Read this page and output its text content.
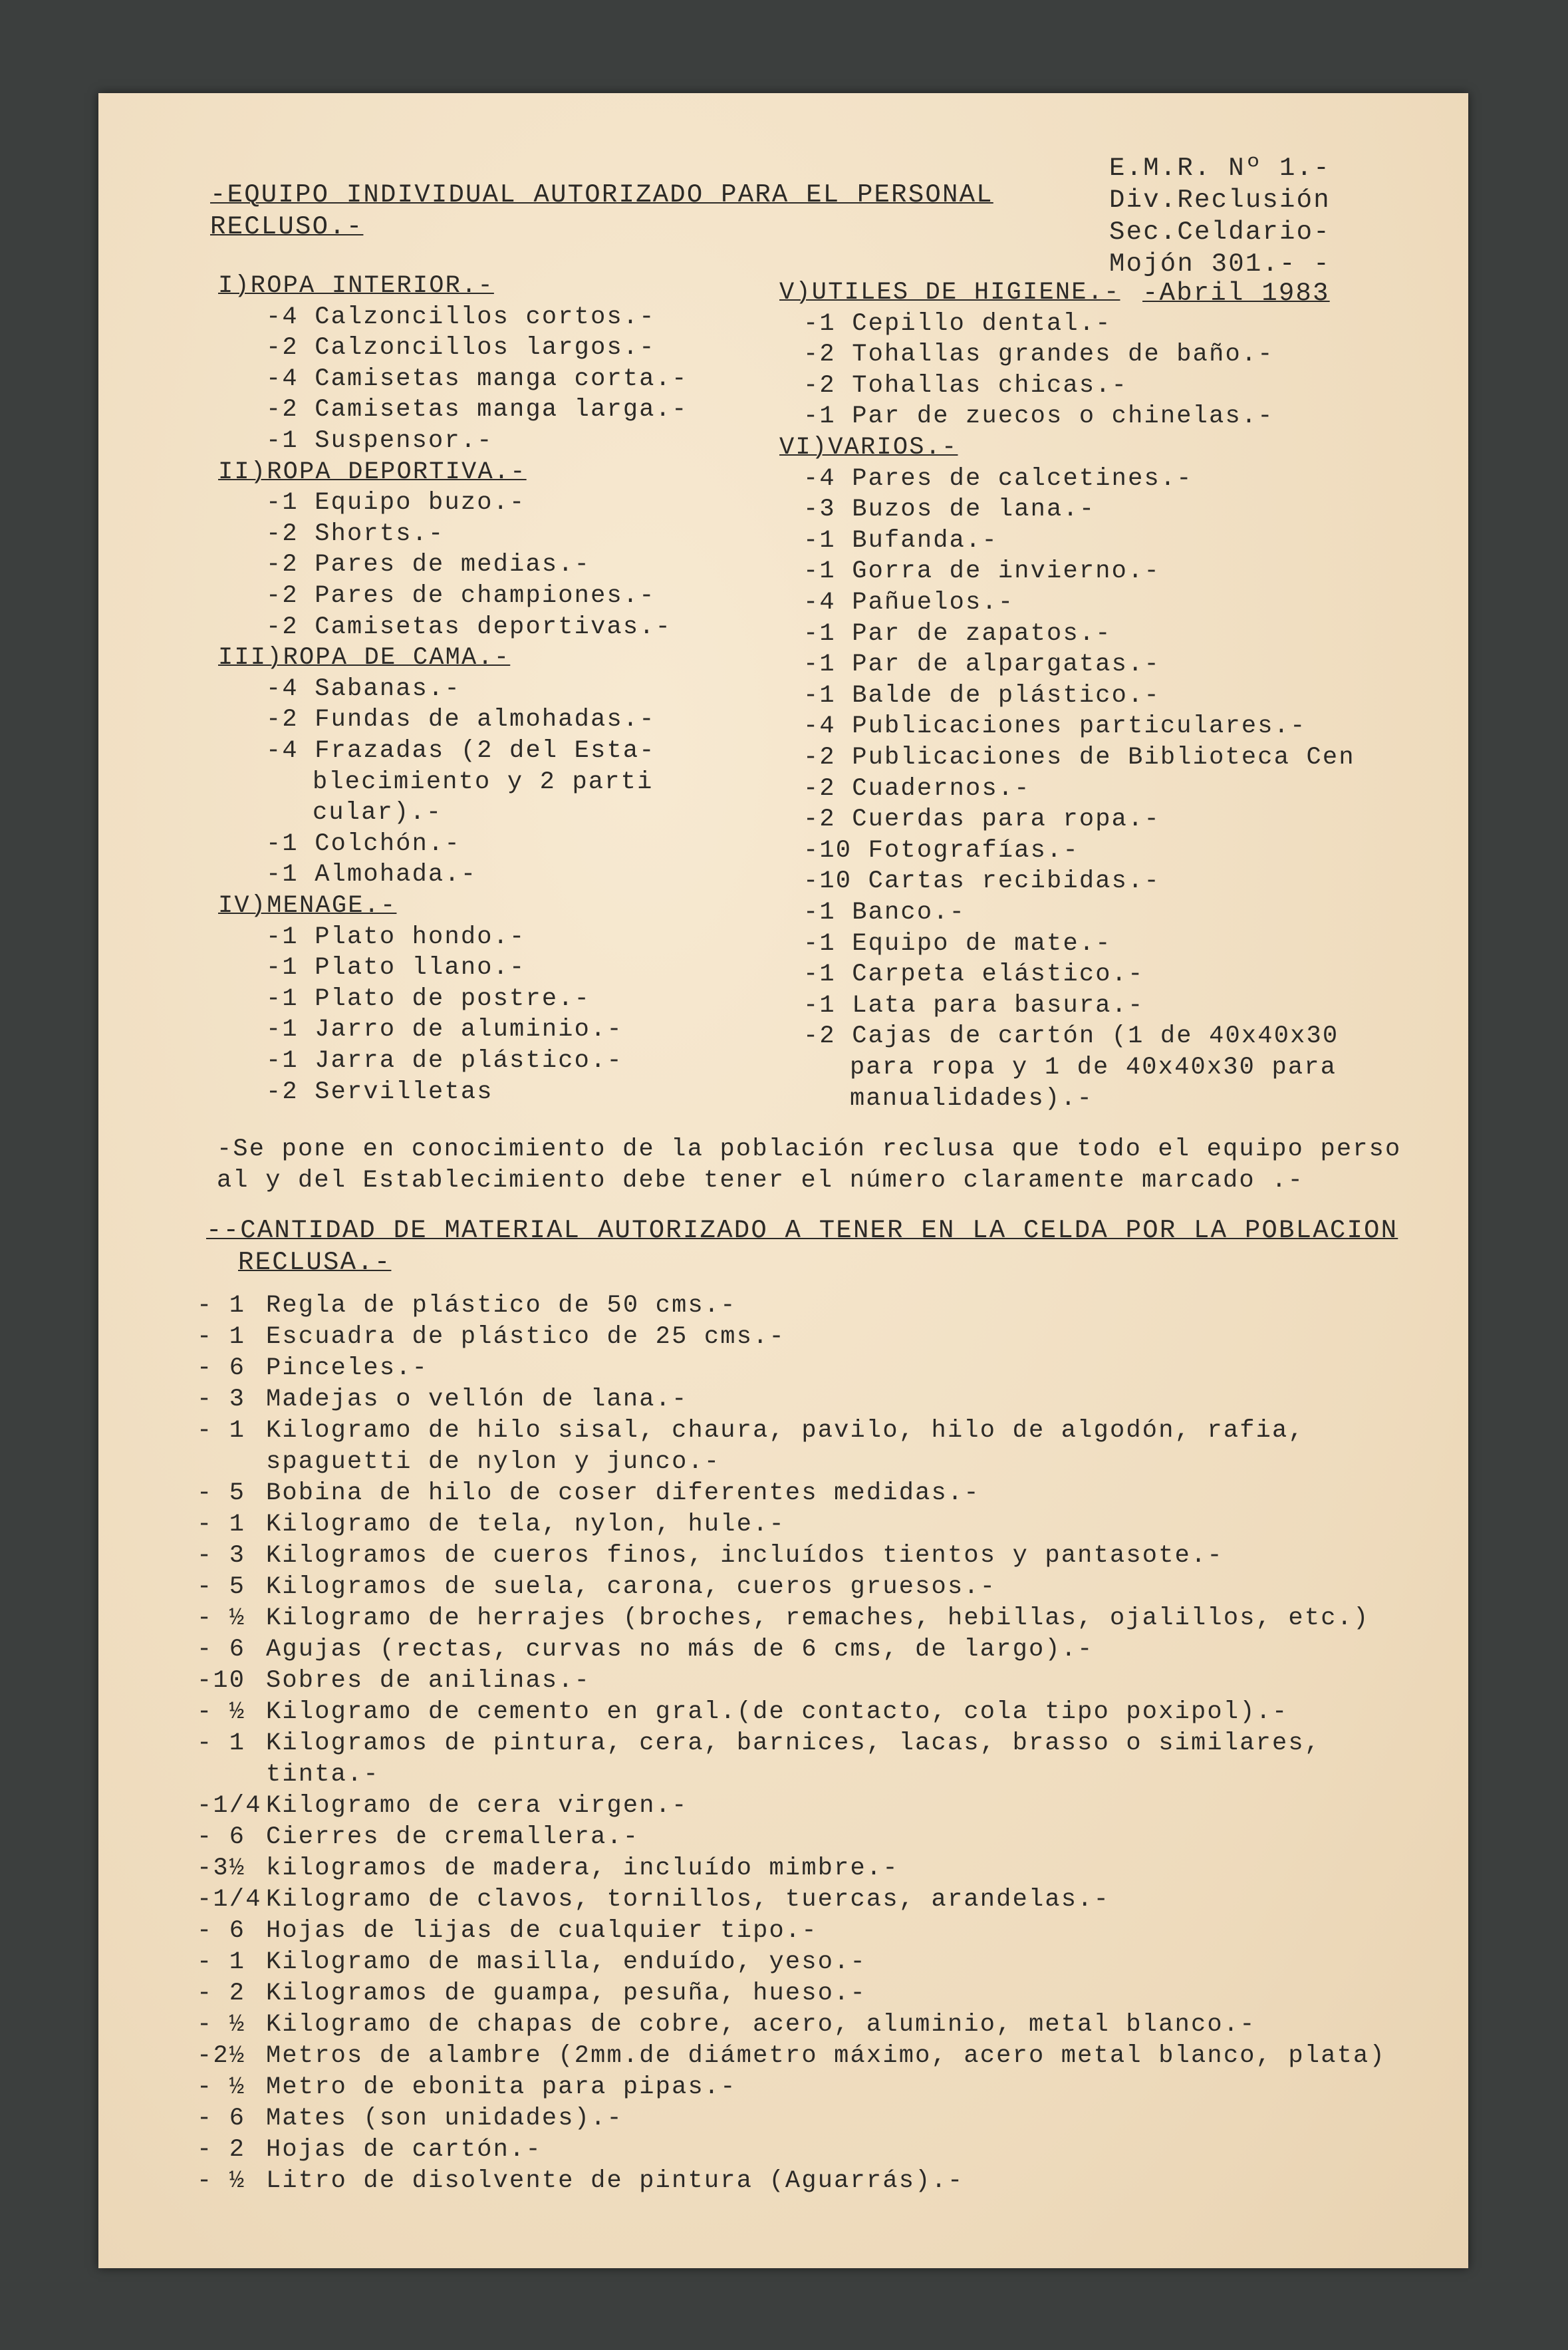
-EQUIPO INDIVIDUAL AUTORIZADO PARA EL PERSONAL
RECLUSO.-
E.M.R. Nº 1.-
Div.Reclusión
Sec.Celdario-
Mojón 301.- -
-Abril 1983
I)ROPA INTERIOR.-
-4 Calzoncillos cortos.-
-2 Calzoncillos largos.-
-4 Camisetas manga corta.-
-2 Camisetas manga larga.-
-1 Suspensor.-
II)ROPA DEPORTIVA.-
-1 Equipo buzo.-
-2 Shorts.-
-2 Pares de medias.-
-2 Pares de championes.-
-2 Camisetas deportivas.-
III)ROPA DE CAMA.-
-4 Sabanas.-
-2 Fundas de almohadas.-
-4 Frazadas (2 del Esta-
blecimiento y 2 parti
cular).-
-1 Colchón.-
-1 Almohada.-
IV)MENAGE.-
-1 Plato hondo.-
-1 Plato llano.-
-1 Plato de postre.-
-1 Jarro de aluminio.-
-1 Jarra de plástico.-
-2 Servilletas
V)UTILES DE HIGIENE.-
-1 Cepillo dental.-
-2 Tohallas grandes de baño.-
-2 Tohallas chicas.-
-1 Par de zuecos o chinelas.-
VI)VARIOS.-
-4 Pares de calcetines.-
-3 Buzos de lana.-
-1 Bufanda.-
-1 Gorra de invierno.-
-4 Pañuelos.-
-1 Par de zapatos.-
-1 Par de alpargatas.-
-1 Balde de plástico.-
-4 Publicaciones particulares.-
-2 Publicaciones de Biblioteca Cen
-2 Cuadernos.-
-2 Cuerdas para ropa.-
-10 Fotografías.-
-10 Cartas recibidas.-
-1 Banco.-
-1 Equipo de mate.-
-1 Carpeta elástico.-
-1 Lata para basura.-
-2 Cajas de cartón (1 de 40x40x30
para ropa y 1 de 40x40x30 para
manualidades).-
-Se pone en conocimiento de la población reclusa que todo el equipo perso
al y del Establecimiento debe tener el número claramente marcado .-
--CANTIDAD DE MATERIAL AUTORIZADO A TENER EN LA CELDA POR LA POBLACION
RECLUSA.-
- 1 Regla de plástico de 50 cms.-
- 1 Escuadra de plástico de 25 cms.-
- 6 Pinceles.-
- 3 Madejas o vellón de lana.-
- 1 Kilogramo de hilo sisal, chaura, pavilo, hilo de algodón, rafia,
spaguetti de nylon y junco.-
- 5 Bobina de hilo de coser diferentes medidas.-
- 1 Kilogramo de tela, nylon, hule.-
- 3 Kilogramos de cueros finos, incluídos tientos y pantasote.-
- 5 Kilogramos de suela, carona, cueros gruesos.-
- ½ Kilogramo de herrajes (broches, remaches, hebillas, ojalillos, etc.)
- 6 Agujas (rectas, curvas no más de 6 cms, de largo).-
-10 Sobres de anilinas.-
- ½ Kilogramo de cemento en gral.(de contacto, cola tipo poxipol).-
- 1 Kilogramos de pintura, cera, barnices, lacas, brasso o similares,
tinta.-
-1/4 Kilogramo de cera virgen.-
- 6 Cierres de cremallera.-
-3½ kilogramos de madera, incluído mimbre.-
-1/4 Kilogramo de clavos, tornillos, tuercas, arandelas.-
- 6 Hojas de lijas de cualquier tipo.-
- 1 Kilogramo de masilla, enduído, yeso.-
- 2 Kilogramos de guampa, pesuña, hueso.-
- ½ Kilogramo de chapas de cobre, acero, aluminio, metal blanco.-
-2½ Metros de alambre (2mm.de diámetro máximo, acero metal blanco, plata)
- ½ Metro de ebonita para pipas.-
- 6 Mates (son unidades).-
- 2 Hojas de cartón.-
- ½ Litro de disolvente de pintura (Aguarrás).-
